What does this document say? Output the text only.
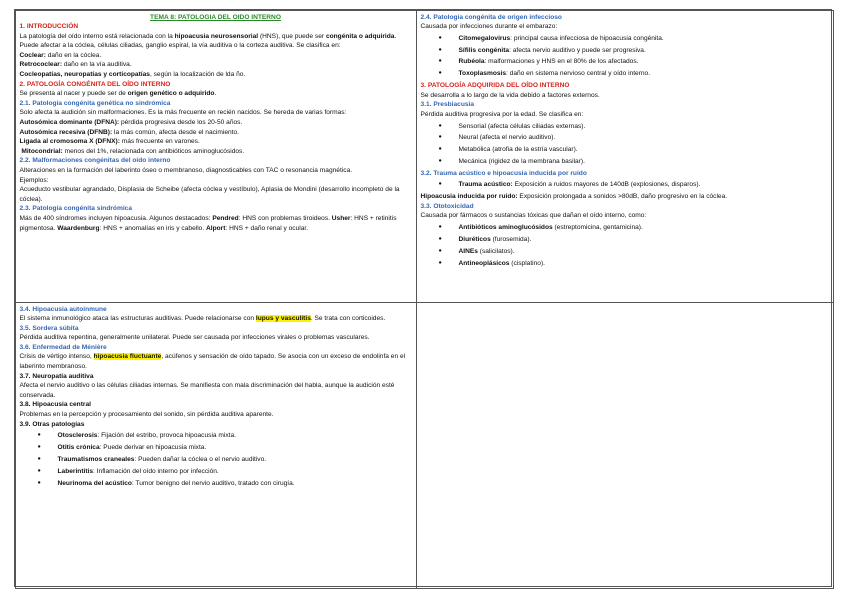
TEMA 8: PATOLOGIA DEL OIDO INTERNO

1. INTRODUCCIÓN

La patología del oído interno está relacionada con la hipoacusia neurosensorial (HNS), que puede ser congénita o adquirida. Puede afectar a la cóclea, células ciliadas, ganglio espiral, la vía auditiva o la corteza auditiva. Se clasifica en:

Coclear: daño en la cóclea.

Retrococlear: daño en la vía auditiva.

Cocleopatías, neuropatías y corticopatías, según la localización de lda ño.

2. PATOLOGÍA CONGÉNITA DEL OÍDO INTERNO

Se presenta al nacer y puede ser de origen genético o adquirido.

2.1. Patología congénita genética no sindrómica

Solo afecta la audición sin malformaciones. Es la más frecuente en recién nacidos. Se hereda de varias formas:

Autosómica dominante (DFNA): pérdida progresiva desde los 20-50 años.

Autosómica recesiva (DFNB): la más común, afecta desde el nacimiento.

Ligada al cromosoma X (DFNX): más frecuente en varones.

Mitocondrial: menos del 1%, relacionada con antibióticos aminoglucósidos.

2.2. Malformaciones congénitas del oído interno

Alteraciones en la formación del laberinto óseo o membranoso, diagnosticables con TAC o resonancia magnética.

Ejemplos:

Acueducto vestibular agrandado, Displasia de Scheibe (afecta cóclea y vestíbulo), Aplasia de Mondini (desarrollo incompleto de la cóclea).

2.3. Patología congénita sindrómica

Más de 400 síndromes incluyen hipoacusia. Algunos destacados: Pendred: HNS con problemas tiroideos. Usher: HNS + retinitis pigmentosa. Waardenburg: HNS + anomalías en iris y cabello. Alport: HNS + daño renal y ocular.

2.4. Patología congénita de origen infeccioso

Causada por infecciones durante el embarazo:

● Citomegalovirus: principal causa infecciosa de hipoacusia congénita.
● Sífilis congénita: afecta nervio auditivo y puede ser progresiva.
● Rubéola: malformaciones y HNS en el 80% de los afectados.
● Toxoplasmosis: daño en sistema nervioso central y oído interno.

3. PATOLOGÍA ADQUIRIDA DEL OÍDO INTERNO

Se desarrolla a lo largo de la vida debido a factores externos.

3.1. Presbiacusia

Pérdida auditiva progresiva por la edad. Se clasifica en:

● Sensorial (afecta células ciliadas externas).
● Neural (afecta el nervio auditivo).
● Metabólica (atrofia de la estría vascular).
● Mecánica (rigidez de la membrana basilar).

3.2. Trauma acústico e hipoacusia inducida por ruido

● Trauma acústico: Exposición a ruidos mayores de 140dB (explosiones, disparos).

Hipoacusia inducida por ruido: Exposición prolongada a sonidos >80dB, daño progresivo en la cóclea.

3.3. Ototoxicidad

Causada por fármacos o sustancias tóxicas que dañan el oído interno, como:

● Antibióticos aminoglucósidos (estreptomicina, gentamicina).
● Diuréticos (furosemida).
● AINEs (salicilatos).
● Antineoplásicos (cisplatino).

3.4. Hipoacusia autoinmune

El sistema inmunológico ataca las estructuras auditivas. Puede relacionarse con lupus y vasculitis. Se trata con corticoides.

3.5. Sordera súbita

Pérdida auditiva repentina, generalmente unilateral. Puede ser causada por infecciones virales o problemas vasculares.

3.6. Enfermedad de Ménière

Crisis de vértigo intenso, hipoacusia fluctuante, acúfenos y sensación de oído tapado. Se asocia con un exceso de endolinfa en el laberinto membranoso.

3.7. Neuropatía auditiva

Afecta el nervio auditivo o las células ciliadas internas. Se manifiesta con mala discriminación del habla, aunque la audición esté conservada.

3.8. Hipoacusia central

Problemas en la percepción y procesamiento del sonido, sin pérdida auditiva aparente.

3.9. Otras patologías

● Otosclerosis: Fijación del estribo, provoca hipoacusia mixta.
● Otitis crónica: Puede derivar en hipoacusia mixta.
● Traumatismos craneales: Pueden dañar la cóclea o el nervio auditivo.
● Laberintitis: Inflamación del oído interno por infección.
● Neurinoma del acústico: Tumor benigno del nervio auditivo, tratado con cirugía.
